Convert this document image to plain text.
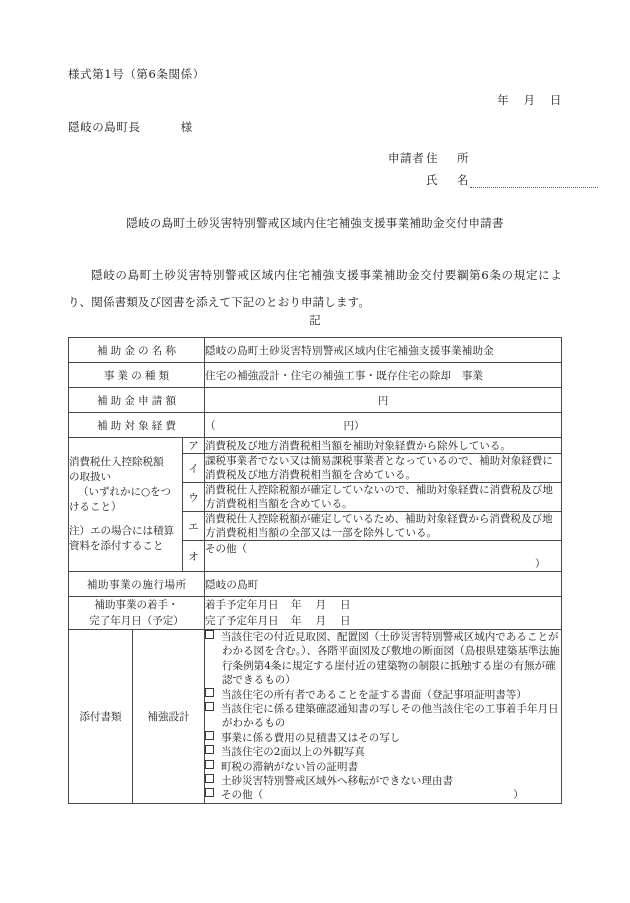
様式第1号（第6条関係）
年 月 日
隠岐の島町長	様
申請者 住　所
氏　名
隠岐の島町土砂災害特別警戒区域内住宅補強支援事業補助金交付申請書
隠岐の島町土砂災害特別警戒区域内住宅補強支援事業補助金交付要綱第6条の規定により、関係書類及び図書を添えて下記のとおり申請します。
記
補助金の名称			隠岐の島町土砂災害特別警戒区域内住宅補強支援事業補助金
事業の種類			住宅の補強設計・住宅の補強工事・既存住宅の除却　事業
補助金申請額			円
補助対象経費			（ 円）
消費税仕入控除税額
の取扱い
（いずれかに○をつ
けること）
注）エの場合には積算
資料を添付すること	ア	消費税及び地方消費税相当額を補助対象経費から除外している。
		イ	課税事業者でない又は簡易課税事業者となっているので、補助対象経費に消費税及び地方消費税相当額を含めている。
		ウ	消費税仕入控除税額が確定していないので、補助対象経費に消費税及び地方消費税相当額を含めている。
		エ	消費税仕入控除税額が確定しているため、補助対象経費から消費税及び地方消費税相当額の全部又は一部を除外している。
		オ	その他（）
補助事業の施行場所			隠岐の島町
補助事業の着手・
完了年月日（予定）	
着手予定年月日 年 月 日
完了予定年月日 年 月 日

添付書類	補強設計	
当該住宅の付近見取図、配置図（土砂災害特別警戒区域内であることがわかる図を含む。）、各階平面図及び敷地の断面図（島根県建築基準法施行条例第4条に規定する崖付近の建築物の制限に抵触する崖の有無が確認できるもの）
当該住宅の所有者であることを証する書面（登記事項証明書等）
当該住宅に係る建築確認通知書の写しその他当該住宅の工事着手年月日がわかるもの
事業に係る費用の見積書又はその写し
当該住宅の2面以上の外観写真
町税の滞納がない旨の証明書
土砂災害特別警戒区域外へ移転ができない理由書
その他（	）
